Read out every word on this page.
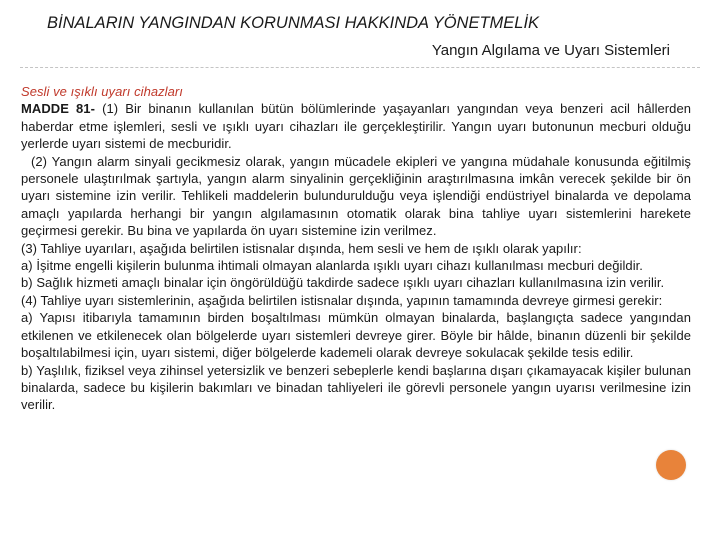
BİNALARIN YANGINDAN KORUNMASI HAKKINDA YÖNETMELİK
Yangın Algılama ve Uyarı Sistemleri
Sesli ve ışıklı uyarı cihazları

MADDE 81- (1) Bir binanın kullanılan bütün bölümlerinde yaşayanları yangından veya benzeri acil hâllerden haberdar etme işlemleri, sesli ve ışıklı uyarı cihazları ile gerçekleştirilir. Yangın uyarı butonunun mecburi olduğu yerlerde uyarı sistemi de mecburidir.

(2) Yangın alarm sinyali gecikmesiz olarak, yangın mücadele ekipleri ve yangına müdahale konusunda eğitilmiş personele ulaştırılmak şartıyla, yangın alarm sinyalinin gerçekliğinin araştırılmasına imkân verecek şekilde bir ön uyarı sistemine izin verilir. Tehlikeli maddelerin bulundurulduğu veya işlendiği endüstriyel binalarda ve depolama amaçlı yapılarda herhangi bir yangın algılamasının otomatik olarak bina tahliye uyarı sistemlerini harekete geçirmesi gerekir. Bu bina ve yapılarda ön uyarı sistemine izin verilmez.

(3) Tahliye uyarıları, aşağıda belirtilen istisnalar dışında, hem sesli ve hem de ışıklı olarak yapılır:

a) İşitme engelli kişilerin bulunma ihtimali olmayan alanlarda ışıklı uyarı cihazı kullanılması mecburi değildir.

b) Sağlık hizmeti amaçlı binalar için öngörüldüğü takdirde sadece ışıklı uyarı cihazları kullanılmasına izin verilir.

(4) Tahliye uyarı sistemlerinin, aşağıda belirtilen istisnalar dışında, yapının tamamında devreye girmesi gerekir:

a) Yapısı itibarıyla tamamının birden boşaltılması mümkün olmayan binalarda, başlangıçta sadece yangından etkilenen ve etkilenecek olan bölgelerde uyarı sistemleri devreye girer. Böyle bir hâlde, binanın düzenli bir şekilde boşaltılabilmesi için, uyarı sistemi, diğer bölgelerde kademeli olarak devreye sokulacak şekilde tesis edilir.

b) Yaşlılık, fiziksel veya zihinsel yetersizlik ve benzeri sebeplerle kendi başlarına dışarı çıkamayacak kişiler bulunan binalarda, sadece bu kişilerin bakımları ve binadan tahliyeleri ile görevli personele yangın uyarısı verilmesine izin verilir.
